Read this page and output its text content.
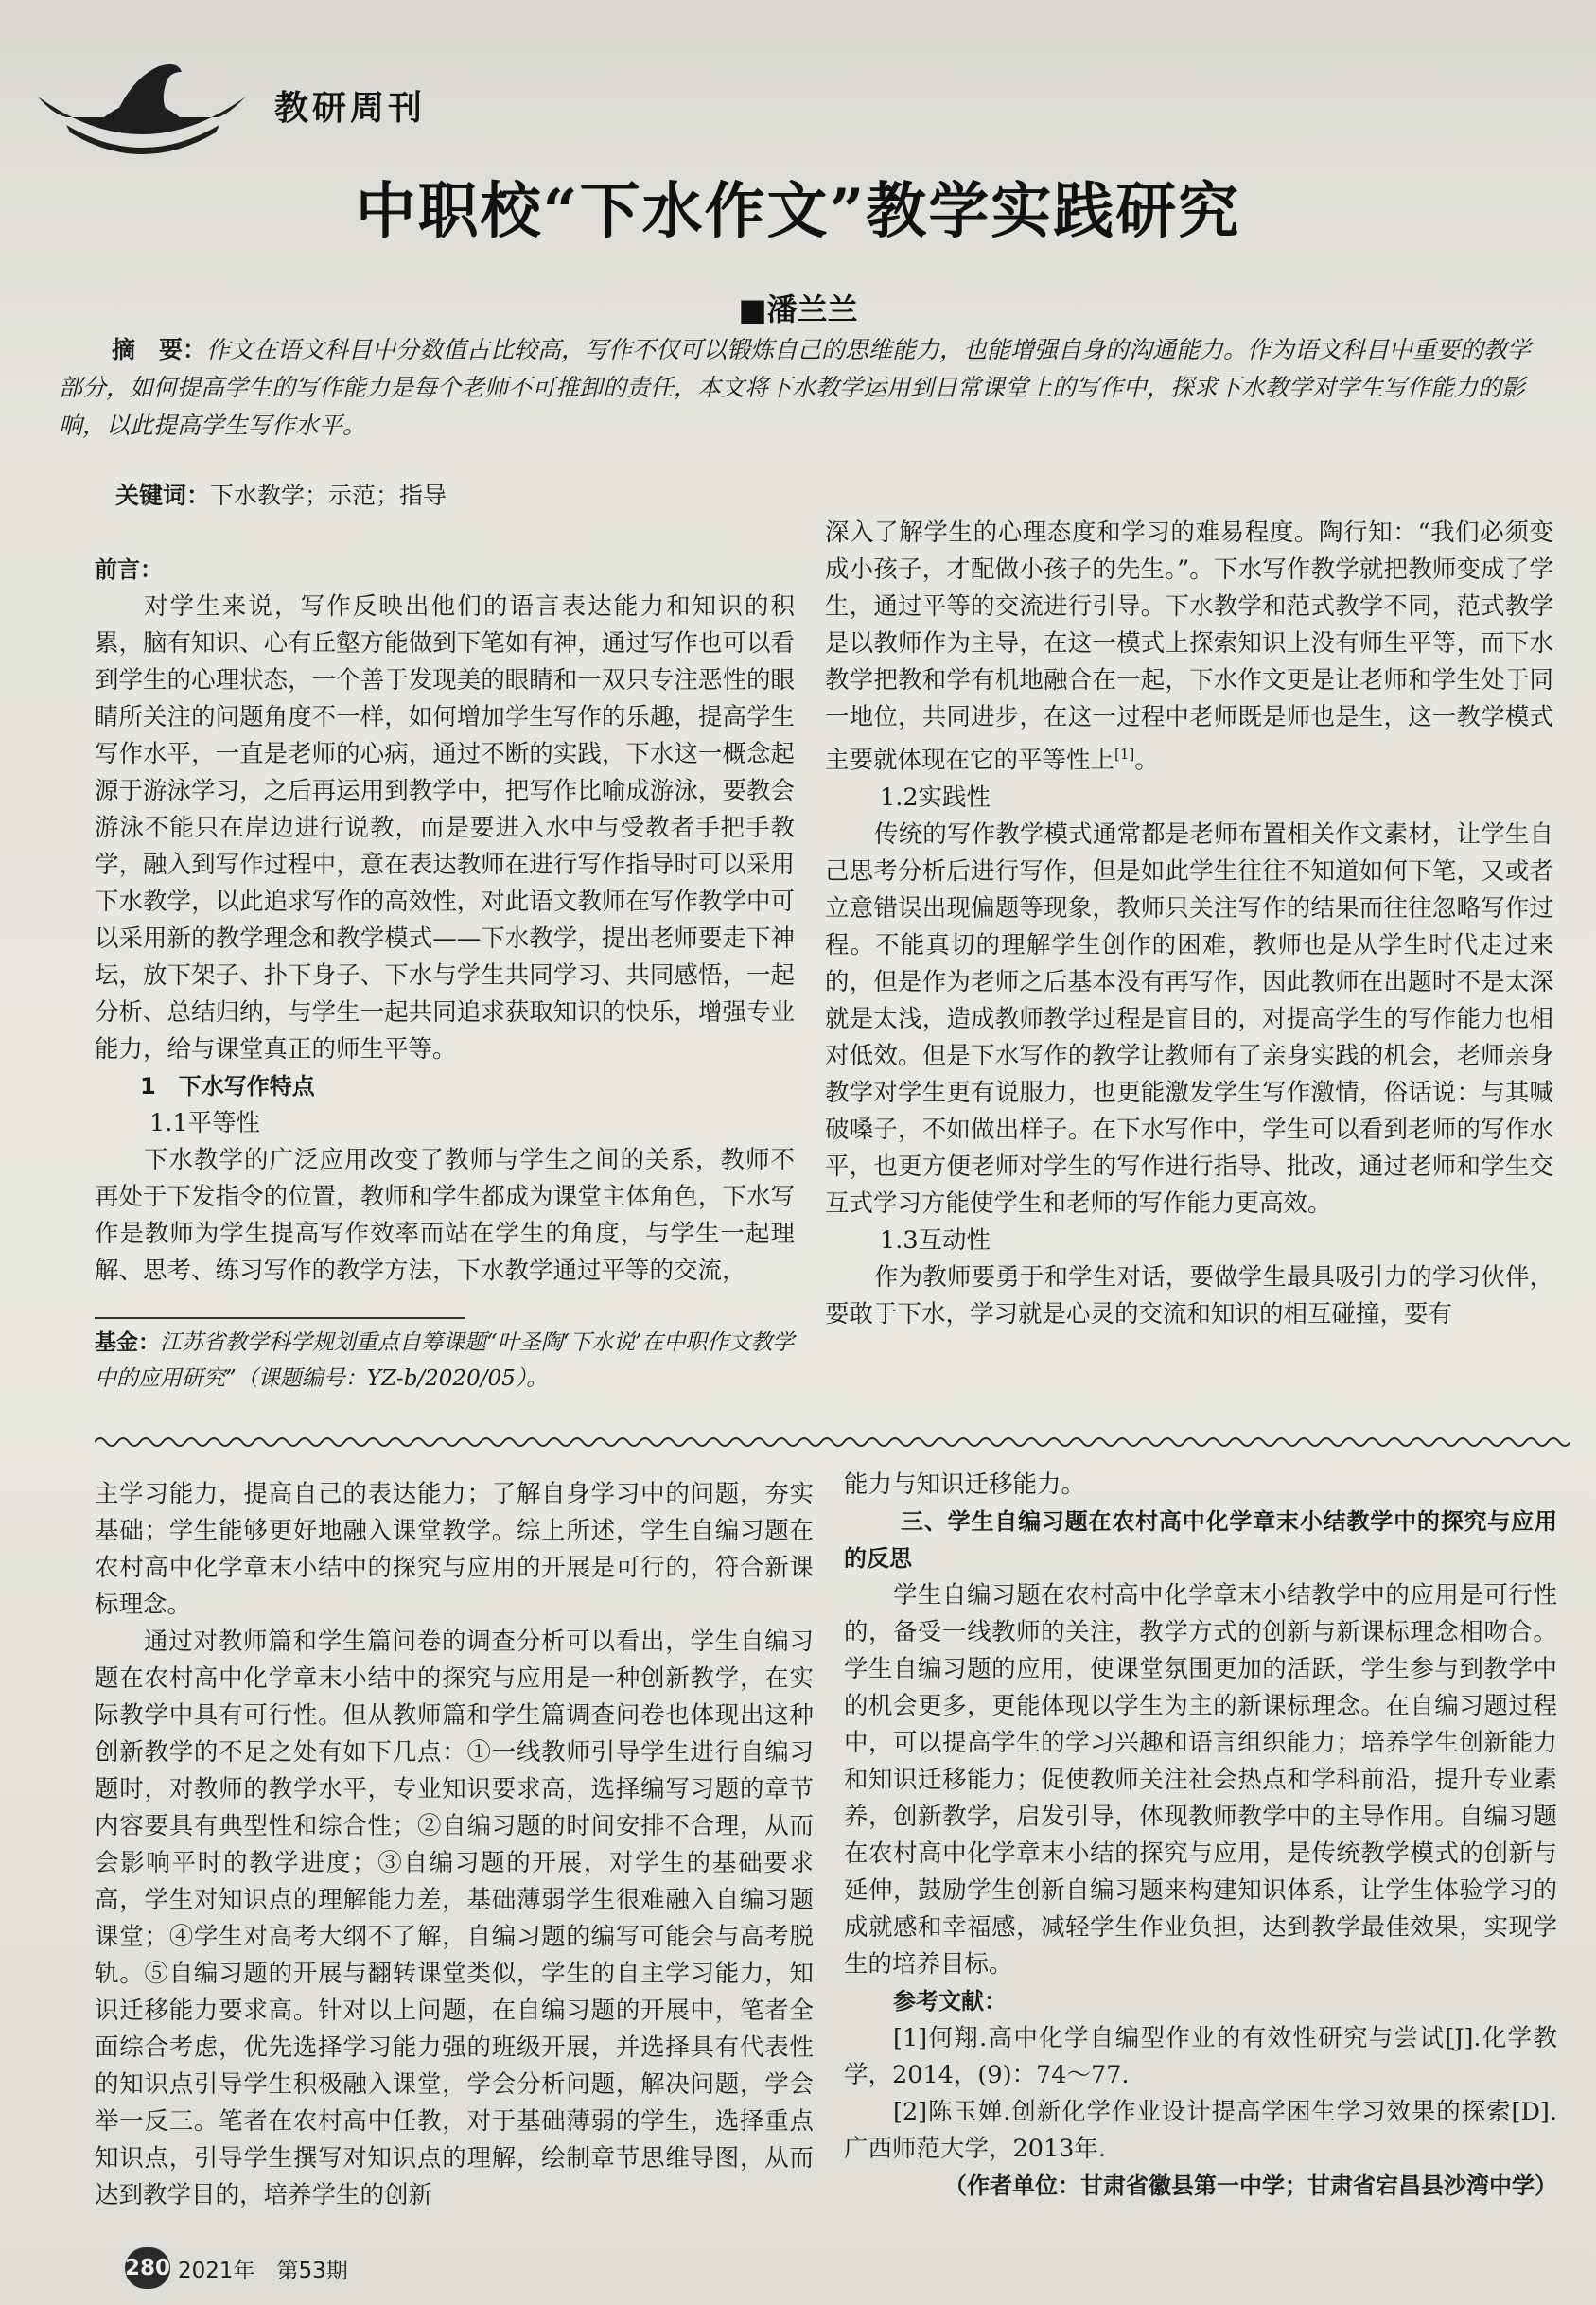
教研周刊
中职校“下水作文”教学实践研究
■潘兰兰
摘　要：作文在语文科目中分数值占比较高，写作不仅可以锻炼自己的思维能力，也能增强自身的沟通能力。作为语文科目中重要的教学部分，如何提高学生的写作能力是每个老师不可推卸的责任，本文将下水教学运用到日常课堂上的写作中，探求下水教学对学生写作能力的影响，以此提高学生写作水平。
关键词：下水教学；示范；指导

前言：

对学生来说，写作反映出他们的语言表达能力和知识的积累，脑有知识、心有丘壑方能做到下笔如有神，通过写作也可以看到学生的心理状态，一个善于发现美的眼睛和一双只专注恶性的眼睛所关注的问题角度不一样，如何增加学生写作的乐趣，提高学生写作水平，一直是老师的心病，通过不断的实践，下水这一概念起源于游泳学习，之后再运用到教学中，把写作比喻成游泳，要教会游泳不能只在岸边进行说教，而是要进入水中与受教者手把手教学，融入到写作过程中，意在表达教师在进行写作指导时可以采用下水教学，以此追求写作的高效性，对此语文教师在写作教学中可以采用新的教学理念和教学模式——下水教学，提出老师要走下神坛，放下架子、扑下身子、下水与学生共同学习、共同感悟，一起分析、总结归纳，与学生一起共同追求获取知识的快乐，增强专业能力，给与课堂真正的师生平等。

1　下水写作特点

1.1平等性

下水教学的广泛应用改变了教师与学生之间的关系，教师不再处于下发指令的位置，教师和学生都成为课堂主体角色，下水写作是教师为学生提高写作效率而站在学生的角度，与学生一起理解、思考、练习写作的教学方法，下水教学通过平等的交流，

深入了解学生的心理态度和学习的难易程度。陶行知：“我们必须变成小孩子，才配做小孩子的先生。”。下水写作教学就把教师变成了学生，通过平等的交流进行引导。下水教学和范式教学不同，范式教学是以教师作为主导，在这一模式上探索知识上没有师生平等，而下水教学把教和学有机地融合在一起，下水作文更是让老师和学生处于同一地位，共同进步，在这一过程中老师既是师也是生，这一教学模式主要就体现在它的平等性上[1]。

1.2实践性

传统的写作教学模式通常都是老师布置相关作文素材，让学生自己思考分析后进行写作，但是如此学生往往不知道如何下笔，又或者立意错误出现偏题等现象，教师只关注写作的结果而往往忽略写作过程。不能真切的理解学生创作的困难，教师也是从学生时代走过来的，但是作为老师之后基本没有再写作，因此教师在出题时不是太深就是太浅，造成教师教学过程是盲目的，对提高学生的写作能力也相对低效。但是下水写作的教学让教师有了亲身实践的机会，老师亲身教学对学生更有说服力，也更能激发学生写作激情，俗话说：与其喊破嗓子，不如做出样子。在下水写作中，学生可以看到老师的写作水平，也更方便老师对学生的写作进行指导、批改，通过老师和学生交互式学习方能使学生和老师的写作能力更高效。

1.3互动性

作为教师要勇于和学生对话，要做学生最具吸引力的学习伙伴，要敢于下水，学习就是心灵的交流和知识的相互碰撞，要有

基金：江苏省教学科学规划重点自筹课题“叶圣陶‘下水说’在中职作文教学中的应用研究”（课题编号：YZ-b/2020/05）。

主学习能力，提高自己的表达能力；了解自身学习中的问题，夯实基础；学生能够更好地融入课堂教学。综上所述，学生自编习题在农村高中化学章末小结中的探究与应用的开展是可行的，符合新课标理念。

通过对教师篇和学生篇问卷的调查分析可以看出，学生自编习题在农村高中化学章末小结中的探究与应用是一种创新教学，在实际教学中具有可行性。但从教师篇和学生篇调查问卷也体现出这种创新教学的不足之处有如下几点：①一线教师引导学生进行自编习题时，对教师的教学水平，专业知识要求高，选择编写习题的章节内容要具有典型性和综合性；②自编习题的时间安排不合理，从而会影响平时的教学进度；③自编习题的开展，对学生的基础要求高，学生对知识点的理解能力差，基础薄弱学生很难融入自编习题课堂；④学生对高考大纲不了解，自编习题的编写可能会与高考脱轨。⑤自编习题的开展与翻转课堂类似，学生的自主学习能力，知识迁移能力要求高。针对以上问题，在自编习题的开展中，笔者全面综合考虑，优先选择学习能力强的班级开展，并选择具有代表性的知识点引导学生积极融入课堂，学会分析问题，解决问题，学会举一反三。笔者在农村高中任教，对于基础薄弱的学生，选择重点知识点，引导学生撰写对知识点的理解，绘制章节思维导图，从而达到教学目的，培养学生的创新

能力与知识迁移能力。

三、学生自编习题在农村高中化学章末小结教学中的探究与应用的反思

学生自编习题在农村高中化学章末小结教学中的应用是可行性的，备受一线教师的关注，教学方式的创新与新课标理念相吻合。学生自编习题的应用，使课堂氛围更加的活跃，学生参与到教学中的机会更多，更能体现以学生为主的新课标理念。在自编习题过程中，可以提高学生的学习兴趣和语言组织能力；培养学生创新能力和知识迁移能力；促使教师关注社会热点和学科前沿，提升专业素养，创新教学，启发引导，体现教师教学中的主导作用。自编习题在农村高中化学章末小结的探究与应用，是传统教学模式的创新与延伸，鼓励学生创新自编习题来构建知识体系，让学生体验学习的成就感和幸福感，减轻学生作业负担，达到教学最佳效果，实现学生的培养目标。

参考文献：

[1]何翔.高中化学自编型作业的有效性研究与尝试[J].化学教学，2014，(9)：74～77.

[2]陈玉婵.创新化学作业设计提高学困生学习效果的探索[D].广西师范大学，2013年.

（作者单位：甘肃省徽县第一中学；甘肃省宕昌县沙湾中学）

280 2021年　第53期
